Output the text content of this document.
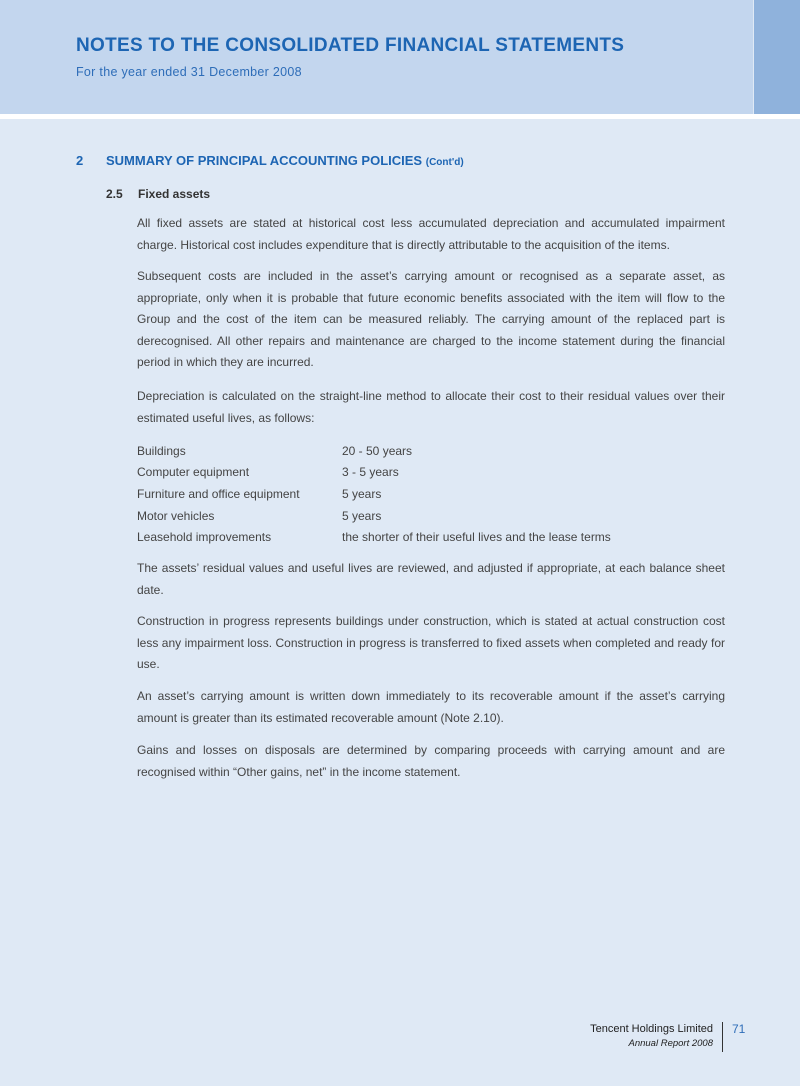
NOTES TO THE CONSOLIDATED FINANCIAL STATEMENTS
For the year ended 31 December 2008
2 SUMMARY OF PRINCIPAL ACCOUNTING POLICIES (Cont'd)
2.5 Fixed assets

All fixed assets are stated at historical cost less accumulated depreciation and accumulated impairment charge. Historical cost includes expenditure that is directly attributable to the acquisition of the items.

Subsequent costs are included in the asset’s carrying amount or recognised as a separate asset, as appropriate, only when it is probable that future economic benefits associated with the item will flow to the Group and the cost of the item can be measured reliably. The carrying amount of the replaced part is derecognised. All other repairs and maintenance are charged to the income statement during the financial period in which they are incurred.

Depreciation is calculated on the straight-line method to allocate their cost to their residual values over their estimated useful lives, as follows:

Buildings	20 - 50 years
Computer equipment	3 - 5 years
Furniture and office equipment	5 years
Motor vehicles	5 years
Leasehold improvements	the shorter of their useful lives and the lease terms

The assets’ residual values and useful lives are reviewed, and adjusted if appropriate, at each balance sheet date.

Construction in progress represents buildings under construction, which is stated at actual construction cost less any impairment loss. Construction in progress is transferred to fixed assets when completed and ready for use.

An asset’s carrying amount is written down immediately to its recoverable amount if the asset’s carrying amount is greater than its estimated recoverable amount (Note 2.10).

Gains and losses on disposals are determined by comparing proceeds with carrying amount and are recognised within “Other gains, net” in the income statement.

Tencent Holdings Limited
Annual Report 2008
71
